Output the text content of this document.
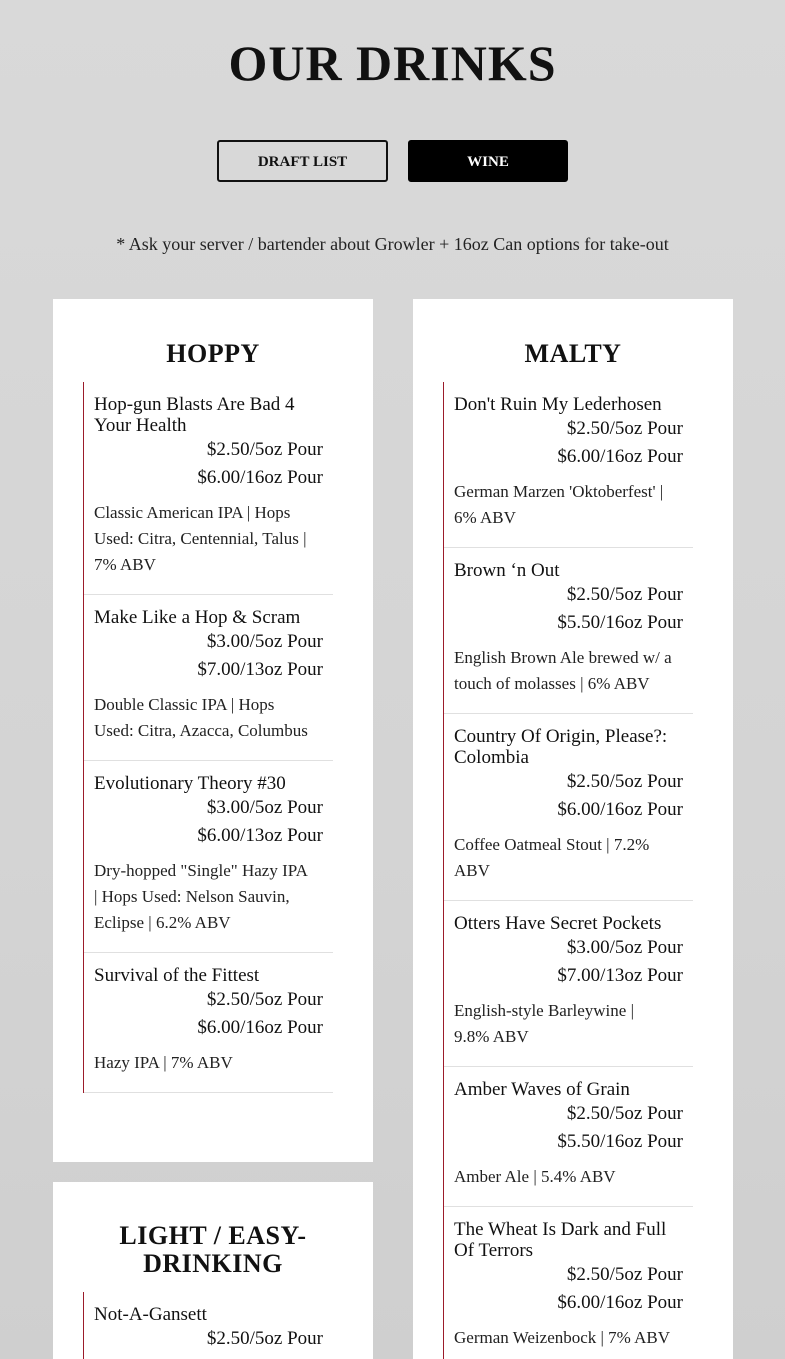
OUR DRINKS
DRAFT LIST	WINE
* Ask your server / bartender about Growler + 16oz Can options for take-out
HOPPY
Hop-gun Blasts Are Bad 4 Your Health
$2.50/5oz Pour
$6.00/16oz Pour
Classic American IPA | Hops Used: Citra, Centennial, Talus | 7% ABV
Make Like a Hop & Scram
$3.00/5oz Pour
$7.00/13oz Pour
Double Classic IPA | Hops Used: Citra, Azacca, Columbus
Evolutionary Theory #30
$3.00/5oz Pour
$6.00/13oz Pour
Dry-hopped "Single" Hazy IPA | Hops Used: Nelson Sauvin, Eclipse | 6.2% ABV
Survival of the Fittest
$2.50/5oz Pour
$6.00/16oz Pour
Hazy IPA | 7% ABV
LIGHT / EASY-DRINKING
Not-A-Gansett
$2.50/5oz Pour
MALTY
Don't Ruin My Lederhosen
$2.50/5oz Pour
$6.00/16oz Pour
German Marzen 'Oktoberfest' | 6% ABV
Brown ‘n Out
$2.50/5oz Pour
$5.50/16oz Pour
English Brown Ale brewed w/ a touch of molasses | 6% ABV
Country Of Origin, Please?: Colombia
$2.50/5oz Pour
$6.00/16oz Pour
Coffee Oatmeal Stout | 7.2% ABV
Otters Have Secret Pockets
$3.00/5oz Pour
$7.00/13oz Pour
English-style Barleywine | 9.8% ABV
Amber Waves of Grain
$2.50/5oz Pour
$5.50/16oz Pour
Amber Ale | 5.4% ABV
The Wheat Is Dark and Full Of Terrors
$2.50/5oz Pour
$6.00/16oz Pour
German Weizenbock | 7% ABV
